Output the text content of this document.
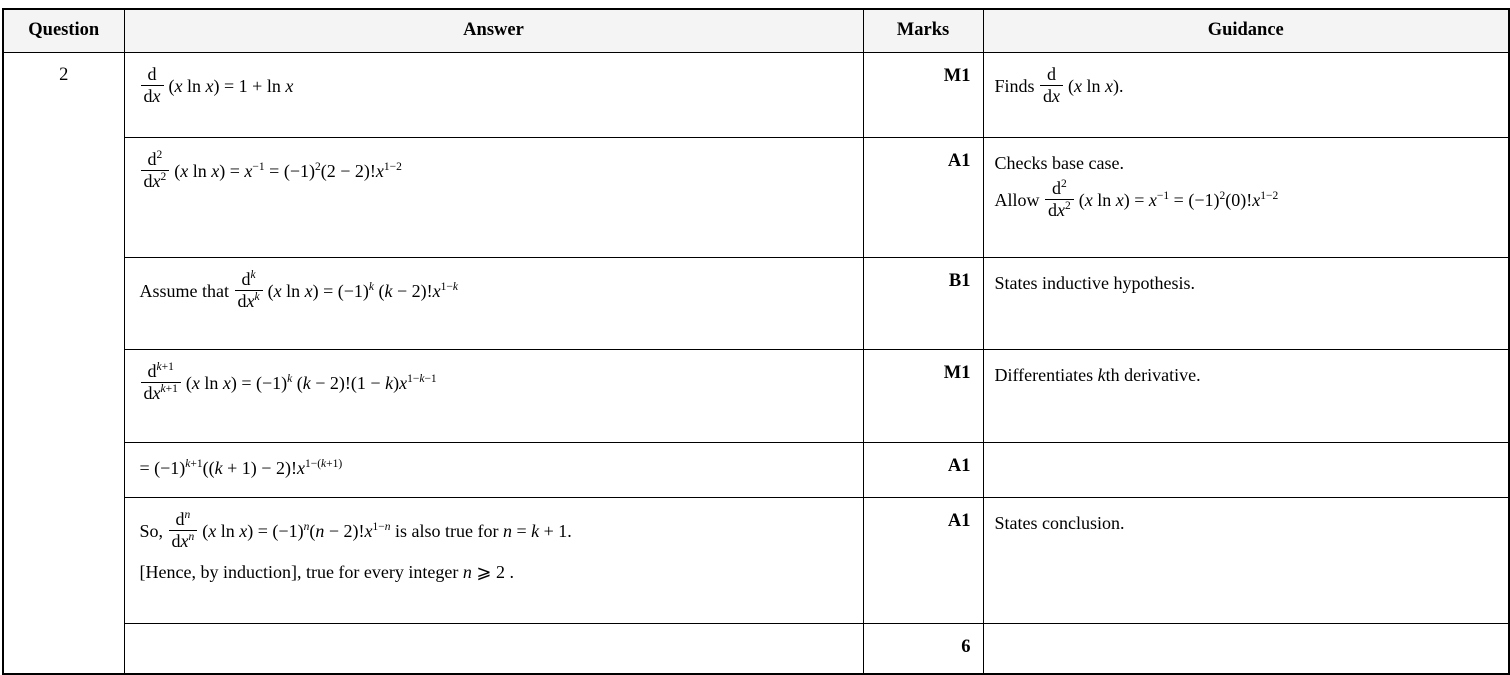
Question	Answer	Marks	Guidance
2	$\frac{d}{dx} (x$ ln x) = 1 + ln x	M1	Finds $\frac{d}{dx} (x$ ln x).

$\frac{d^2}{dx^2} (x$ $\ln x) = x^{-1} = (-1)^2(2 - 2)!x^{1-2}$	A1	Checks base case.
Allow $\frac{d^2}{dx^2} (x$ $\ln x) = x^{-1} = (-1)^2(0)!x^{1-2}$

	Assume that $\frac{d^k}{dx^k} (x$ $\ln x) = (-1)^k$ $(k - 2)!x^{1-k}$	B1	States inductive hypothesis.

	$\frac{d^{k+1}}{dx^{k+1}} (x$ $\ln x) = (-1)^k$ $(k - 2)!(1 - k)x^{1-k-1}$	M1	Differentiates kth derivative.

	= $(-1)^{k+1}((k + 1) - 2)!x^{1-(k+1)}$	A1	

	So, $\frac{d^n}{dx^n} (x$ $\ln x) = (-1)^n(n - 2)!x^{1-n}$ is also true for n = k + 1.
[Hence, by induction], true for every integer n ⩾ 2 .	A1	States conclusion.

		6	
